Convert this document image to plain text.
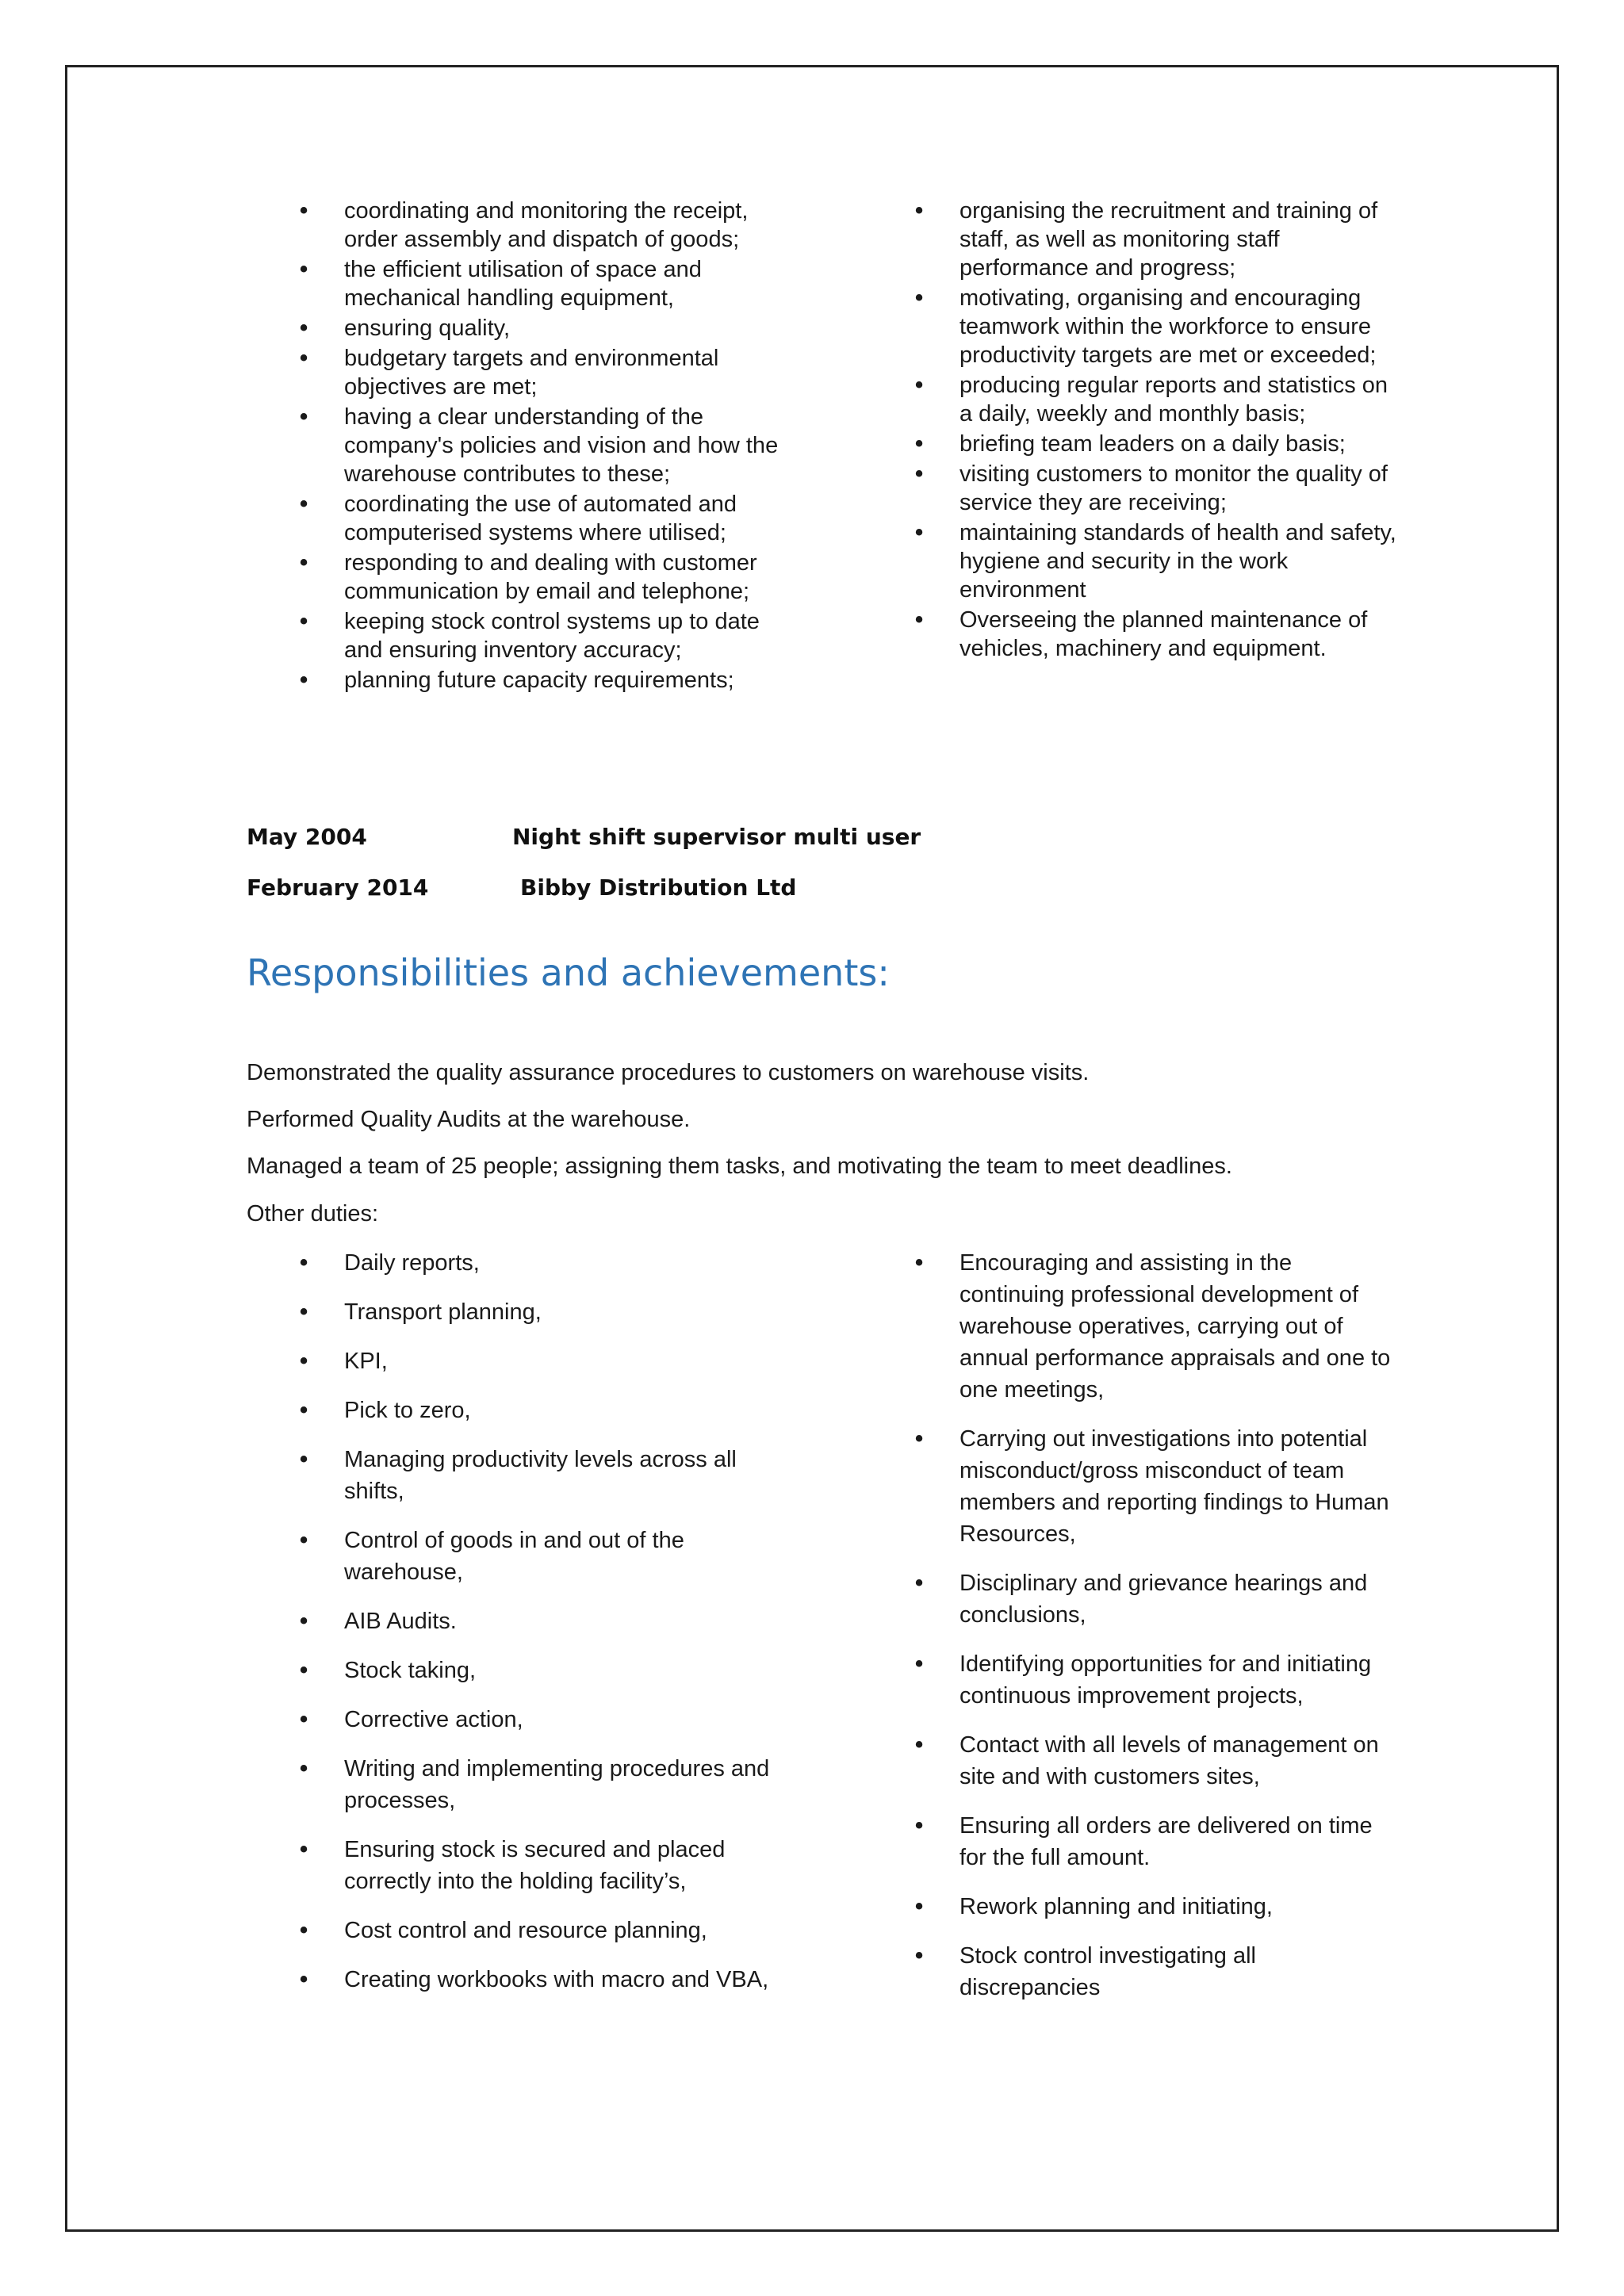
• coordinating and monitoring the receipt, order assembly and dispatch of goods;
• the efficient utilisation of space and mechanical handling equipment,
• ensuring quality,
• budgetary targets and environmental objectives are met;
• having a clear understanding of the company's policies and vision and how the warehouse contributes to these;
• coordinating the use of automated and computerised systems where utilised;
• responding to and dealing with customer communication by email and telephone;
• keeping stock control systems up to date and ensuring inventory accuracy;
• planning future capacity requirements;
• organising the recruitment and training of staff, as well as monitoring staff performance and progress;
• motivating, organising and encouraging teamwork within the workforce to ensure productivity targets are met or exceeded;
• producing regular reports and statistics on a daily, weekly and monthly basis;
• briefing team leaders on a daily basis;
• visiting customers to monitor the quality of service they are receiving;
• maintaining standards of health and safety, hygiene and security in the work environment
• Overseeing the planned maintenance of vehicles, machinery and equipment.
May 2004	Night shift supervisor multi user
February 2014	Bibby Distribution Ltd
Responsibilities and achievements:

Demonstrated the quality assurance procedures to customers on warehouse visits.

Performed Quality Audits at the warehouse.

Managed a team of 25 people; assigning them tasks, and motivating the team to meet deadlines.

Other duties:

• Daily reports,
• Transport planning,
• KPI,
• Pick to zero,
• Managing productivity levels across all shifts,
• Control of goods in and out of the warehouse,
• AIB Audits.
• Stock taking,
• Corrective action,
• Writing and implementing procedures and processes,
• Ensuring stock is secured and placed correctly into the holding facility’s,
• Cost control and resource planning,
• Creating workbooks with macro and VBA,
• Encouraging and assisting in the continuing professional development of warehouse operatives, carrying out of annual performance appraisals and one to one meetings,
• Carrying out investigations into potential misconduct/gross misconduct of team members and reporting findings to Human Resources,
• Disciplinary and grievance hearings and conclusions,
• Identifying opportunities for and initiating continuous improvement projects,
• Contact with all levels of management on site and with customers sites,
• Ensuring all orders are delivered on time for the full amount.
• Rework planning and initiating,
• Stock control investigating all discrepancies
